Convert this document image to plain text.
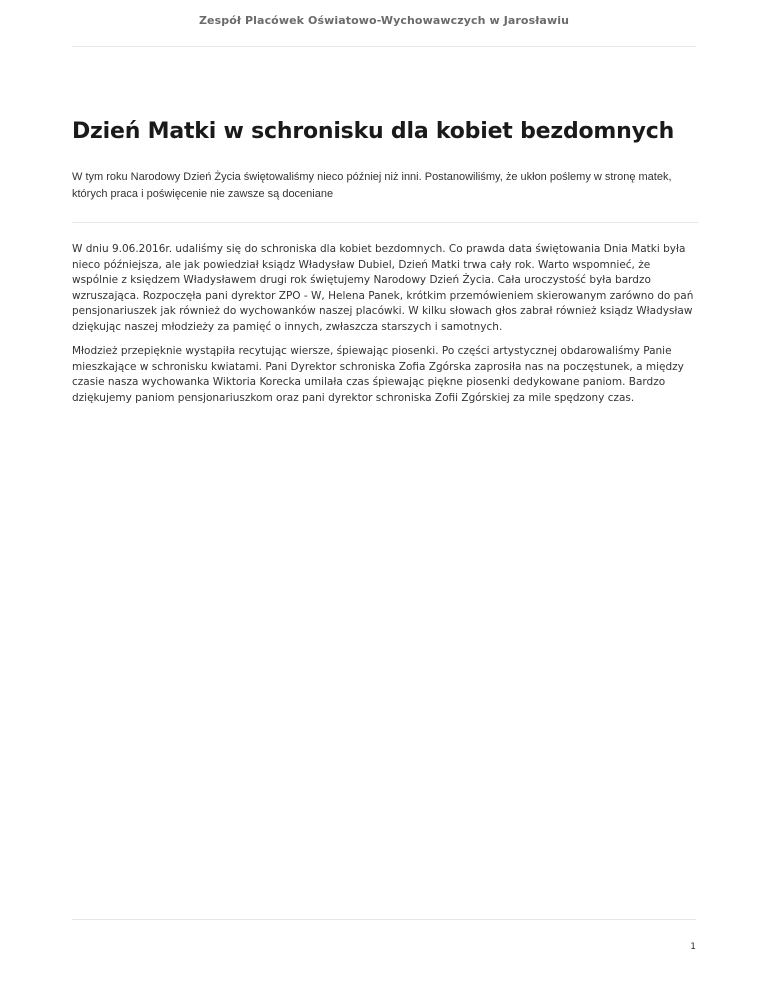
Zespół Placówek Oświatowo-Wychowawczych w Jarosławiu
Dzień Matki w schronisku dla kobiet bezdomnych

W tym roku Narodowy Dzień Życia świętowaliśmy nieco później niż inni. Postanowiliśmy, że ukłon poślemy w stronę matek, których praca i poświęcenie nie zawsze są doceniane

W dniu 9.06.2016r. udaliśmy się do schroniska dla kobiet bezdomnych. Co prawda data świętowania Dnia Matki była nieco późniejsza, ale jak powiedział ksiądz Władysław Dubiel, Dzień Matki trwa cały rok. Warto wspomnieć, że wspólnie z księdzem Władysławem drugi rok świętujemy Narodowy Dzień Życia. Cała uroczystość była bardzo wzruszająca. Rozpoczęła pani dyrektor ZPO - W, Helena Panek, krótkim przemówieniem skierowanym zarówno do pań pensjonariuszek jak również do wychowanków naszej placówki. W kilku słowach głos zabrał również ksiądz Władysław dziękując naszej młodzieży za pamięć o innych, zwłaszcza starszych i samotnych.

Młodzież przepięknie wystąpiła recytując wiersze, śpiewając piosenki. Po części artystycznej obdarowaliśmy Panie mieszkające w schronisku kwiatami. Pani Dyrektor schroniska Zofia Zgórska zaprosiła nas na poczęstunek, a między czasie nasza wychowanka Wiktoria Korecka umilała czas śpiewając piękne piosenki dedykowane paniom. Bardzo dziękujemy paniom pensjonariuszkom oraz pani dyrektor schroniska Zofii Zgórskiej za mile spędzony czas.

1
